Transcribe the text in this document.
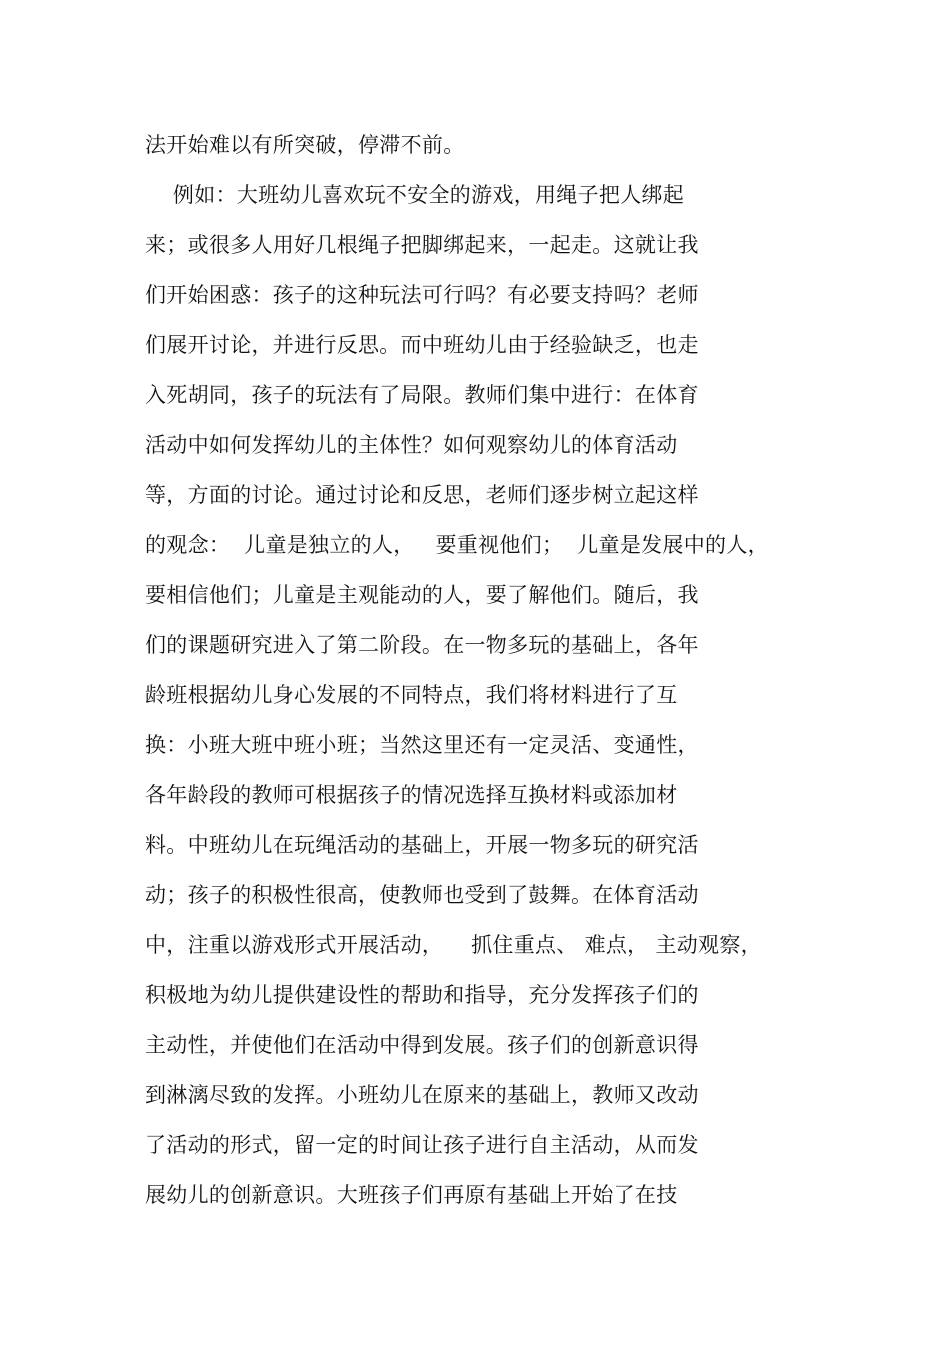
法开始难以有所突破，停滞不前。
例如：大班幼儿喜欢玩不安全的游戏，用绳子把人绑起
来；或很多人用好几根绳子把脚绑起来，一起走。这就让我
们开始困惑：孩子的这种玩法可行吗？有必要支持吗？老师
们展开讨论，并进行反思。而中班幼儿由于经验缺乏，也走
入死胡同，孩子的玩法有了局限。教师们集中进行：在体育
活动中如何发挥幼儿的主体性？如何观察幼儿的体育活动
等，方面的讨论。通过讨论和反思，老师们逐步树立起这样
的观念：  儿童是独立的人，   要重视他们；  儿童是发展中的人，
要相信他们；儿童是主观能动的人，要了解他们。随后，我
们的课题研究进入了第二阶段。在一物多玩的基础上，各年
龄班根据幼儿身心发展的不同特点，我们将材料进行了互
换：小班大班中班小班；当然这里还有一定灵活、变通性，
各年龄段的教师可根据孩子的情况选择互换材料或添加材
料。中班幼儿在玩绳活动的基础上，开展一物多玩的研究活
动；孩子的积极性很高，使教师也受到了鼓舞。在体育活动
中，注重以游戏形式开展活动，    抓住重点、 难点， 主动观察，
积极地为幼儿提供建设性的帮助和指导，充分发挥孩子们的
主动性，并使他们在活动中得到发展。孩子们的创新意识得
到淋漓尽致的发挥。小班幼儿在原来的基础上，教师又改动
了活动的形式，留一定的时间让孩子进行自主活动，从而发
展幼儿的创新意识。大班孩子们再原有基础上开始了在技
